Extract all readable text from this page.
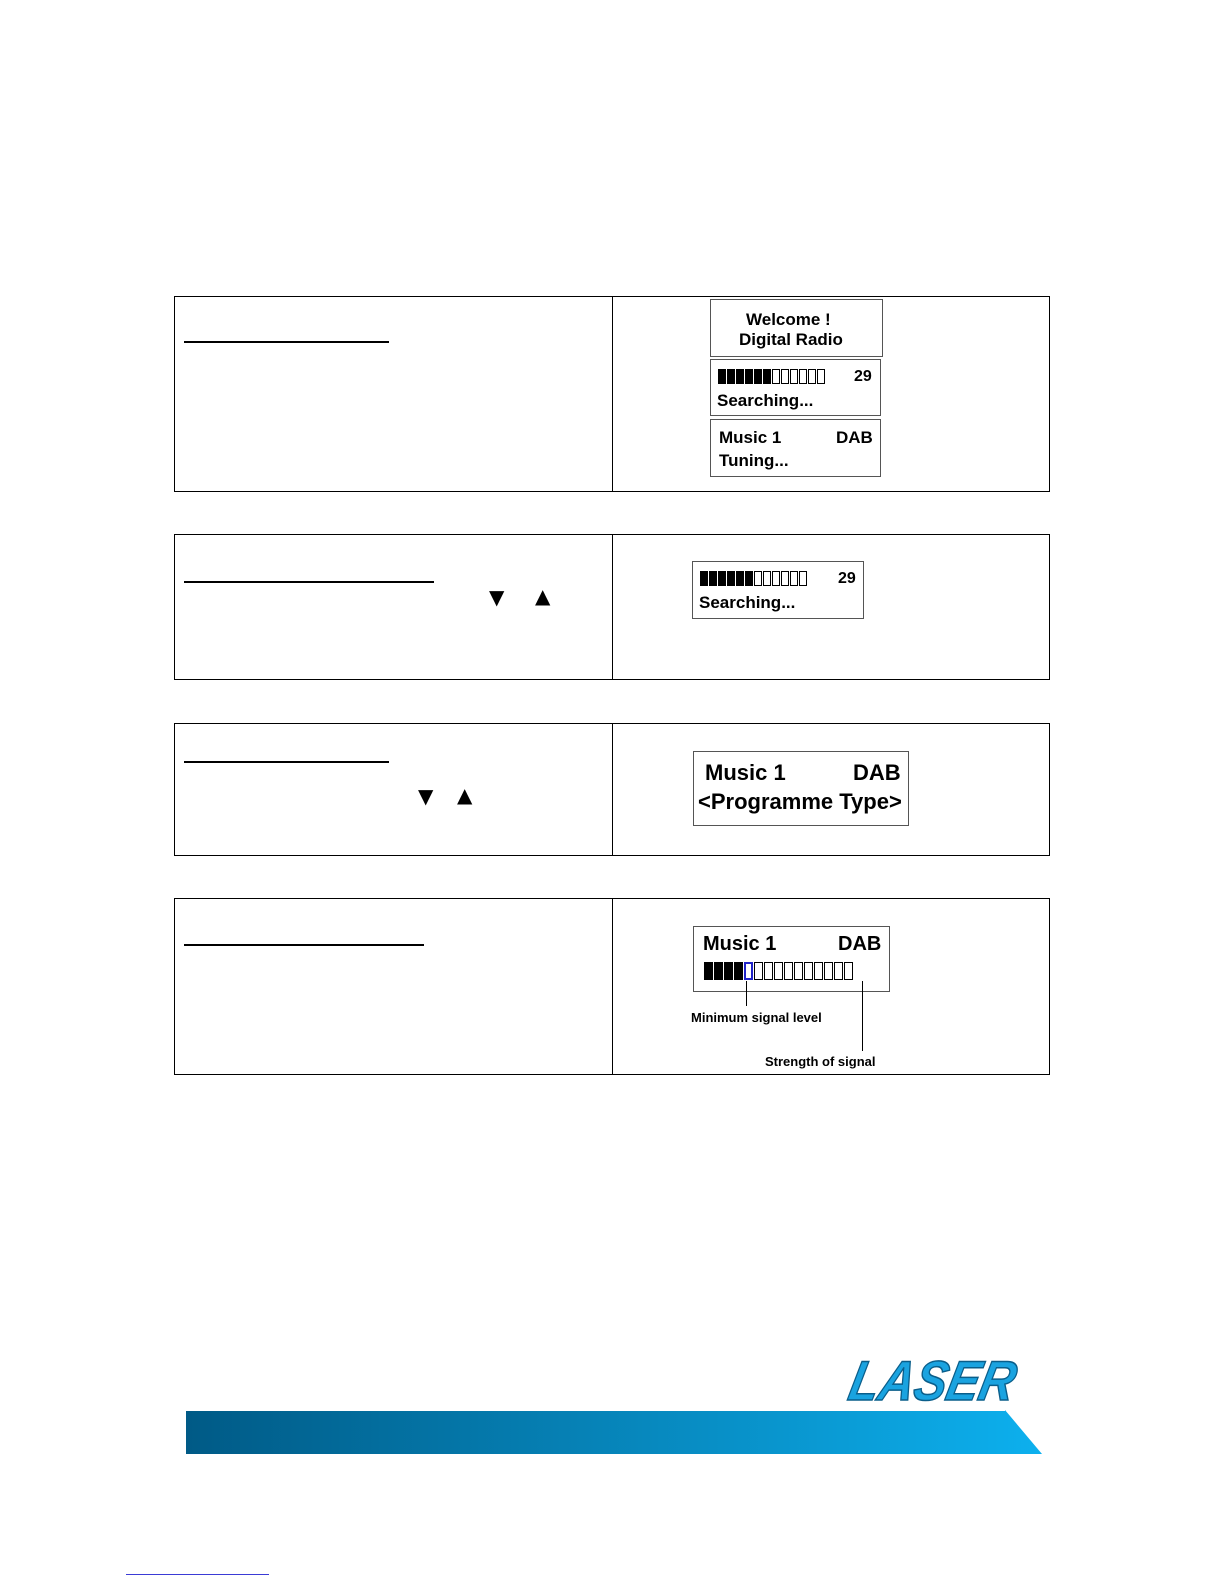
Welcome !
Digital Radio
29
Searching...
Music 1	DAB
Tuning...
▼ ▲
29
Searching...
▼ ▲
Music 1	DAB
<Programme Type>
Music 1	DAB
Minimum signal level
Strength of signal
LASER
